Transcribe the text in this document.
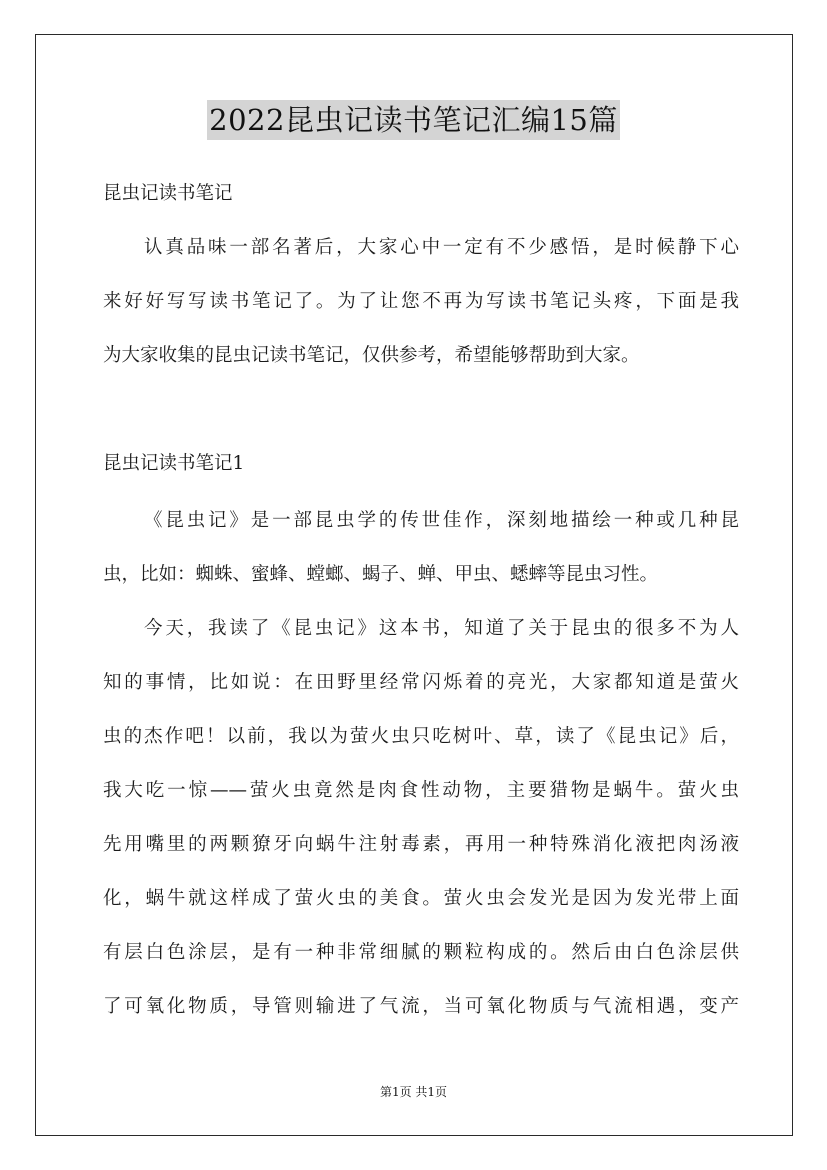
2022昆虫记读书笔记汇编15篇
昆虫记读书笔记
认真品味一部名著后，大家心中一定有不少感悟，是时候静下心
来好好写写读书笔记了。为了让您不再为写读书笔记头疼，下面是我
为大家收集的昆虫记读书笔记，仅供参考，希望能够帮助到大家。
昆虫记读书笔记1
《昆虫记》是一部昆虫学的传世佳作，深刻地描绘一种或几种昆
虫，比如：蜘蛛、蜜蜂、螳螂、蝎子、蝉、甲虫、蟋蟀等昆虫习性。
今天，我读了《昆虫记》这本书，知道了关于昆虫的很多不为人
知的事情，比如说：在田野里经常闪烁着的亮光，大家都知道是萤火
虫的杰作吧！以前，我以为萤火虫只吃树叶、草，读了《昆虫记》后，
我大吃一惊——萤火虫竟然是肉食性动物，主要猎物是蜗牛。萤火虫
先用嘴里的两颗獠牙向蜗牛注射毒素，再用一种特殊消化液把肉汤液
化，蜗牛就这样成了萤火虫的美食。萤火虫会发光是因为发光带上面
有层白色涂层，是有一种非常细腻的颗粒构成的。然后由白色涂层供
了可氧化物质，导管则输进了气流，当可氧化物质与气流相遇，变产
第1页 共1页
